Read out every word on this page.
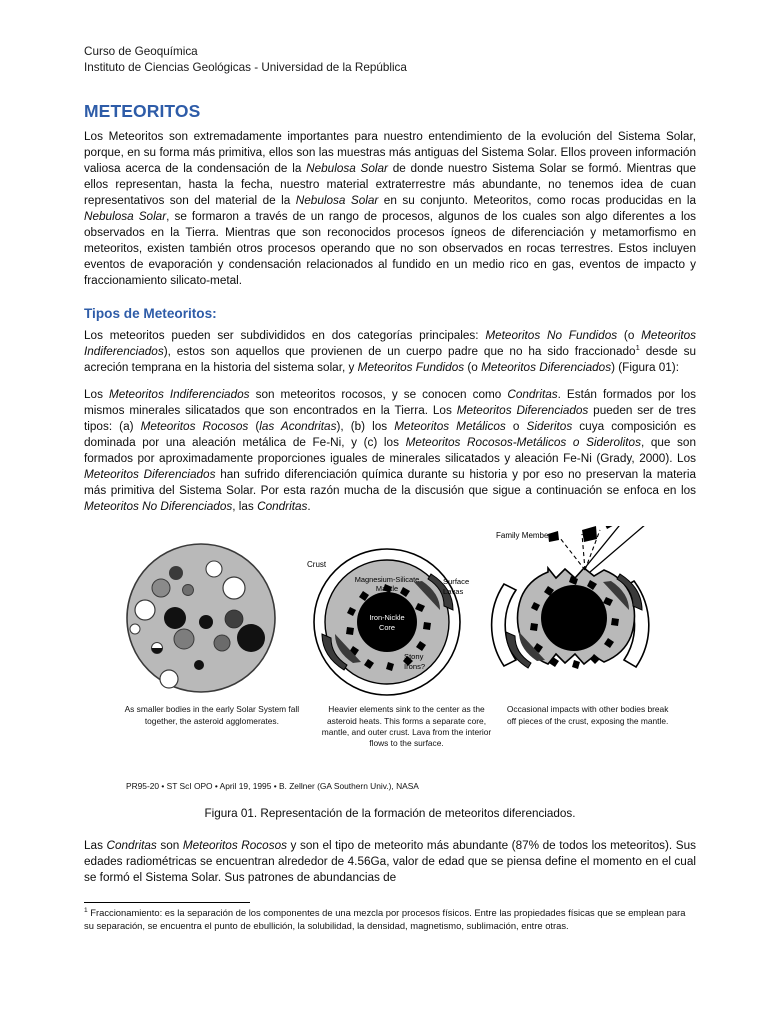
Curso de Geoquímica
Instituto de Ciencias Geológicas - Universidad de la República
METEORITOS

Los Meteoritos son extremadamente importantes para nuestro entendimiento de la evolución del Sistema Solar, porque, en su forma más primitiva, ellos son las muestras más antiguas del Sistema Solar. Ellos proveen información valiosa acerca de la condensación de la Nebulosa Solar de donde nuestro Sistema Solar se formó. Mientras que ellos representan, hasta la fecha, nuestro material extraterrestre más abundante, no tenemos idea de cuan representativos son del material de la Nebulosa Solar en su conjunto. Meteoritos, como rocas producidas en la Nebulosa Solar, se formaron a través de un rango de procesos, algunos de los cuales son algo diferentes a los observados en la Tierra. Mientras que son reconocidos procesos ígneos de diferenciación y metamorfismo en meteoritos, existen también otros procesos operando que no son observados en rocas terrestres. Estos incluyen eventos de evaporación y condensación relacionados al fundido en un medio rico en gas, eventos de impacto y fraccionamiento silicato-metal.

Tipos de Meteoritos:

Los meteoritos pueden ser subdivididos en dos categorías principales: Meteoritos No Fundidos (o Meteoritos Indiferenciados), estos son aquellos que provienen de un cuerpo padre que no ha sido fraccionado$^1$ desde su acreción temprana en la historia del sistema solar, y Meteoritos Fundidos (o Meteoritos Diferenciados) (Figura 01):

Los Meteoritos Indiferenciados son meteoritos rocosos, y se conocen como Condritas. Están formados por los mismos minerales silicatados que son encontrados en la Tierra. Los Meteoritos Diferenciados pueden ser de tres tipos: (a) Meteoritos Rocosos (las Acondritas), (b) los Meteoritos Metálicos o Sideritos cuya composición es dominada por una aleación metálica de Fe-Ni, y (c) los Meteoritos Rocosos-Metálicos o Siderolitos, que son formados por aproximadamente proporciones iguales de minerales silicatados y aleación Fe-Ni (Grady, 2000). Los Meteoritos Diferenciados han sufrido diferenciación química durante su historia y por eso no preservan la materia más primitiva del Sistema Solar. Por esta razón mucha de la discusión que sigue a continuación se enfoca en los Meteoritos No Diferenciados, las Condritas.

Crust
Magnesium-Silicate
Mantle
(Olivine)
Iron-Nickle
Core
Surface
Lavas
Stony
Irons?
Family Members
As smaller bodies in the early Solar System fall together, the asteroid agglomerates.
Heavier elements sink to the center as the asteroid heats. This forms a separate core, mantle, and outer crust. Lava from the interior flows to the surface.
Occasional impacts with other bodies break off pieces of the crust, exposing the mantle.
PR95-20 • ST ScI OPO • April 19, 1995 • B. Zellner (GA Southern Univ.), NASA
Figura 01. Representación de la formación de meteoritos diferenciados.

Las Condritas son Meteoritos Rocosos y son el tipo de meteorito más abundante (87% de todos los meteoritos). Sus edades radiométricas se encuentran alrededor de 4.56Ga, valor de edad que se piensa define el momento en el cual se formó el Sistema Solar. Sus patrones de abundancias de

$^1$ Fraccionamiento: es la separación de los componentes de una mezcla por procesos físicos. Entre las propiedades físicas que se emplean para su separación, se encuentra el punto de ebullición, la solubilidad, la densidad, magnetismo, sublimación, entre otras.
